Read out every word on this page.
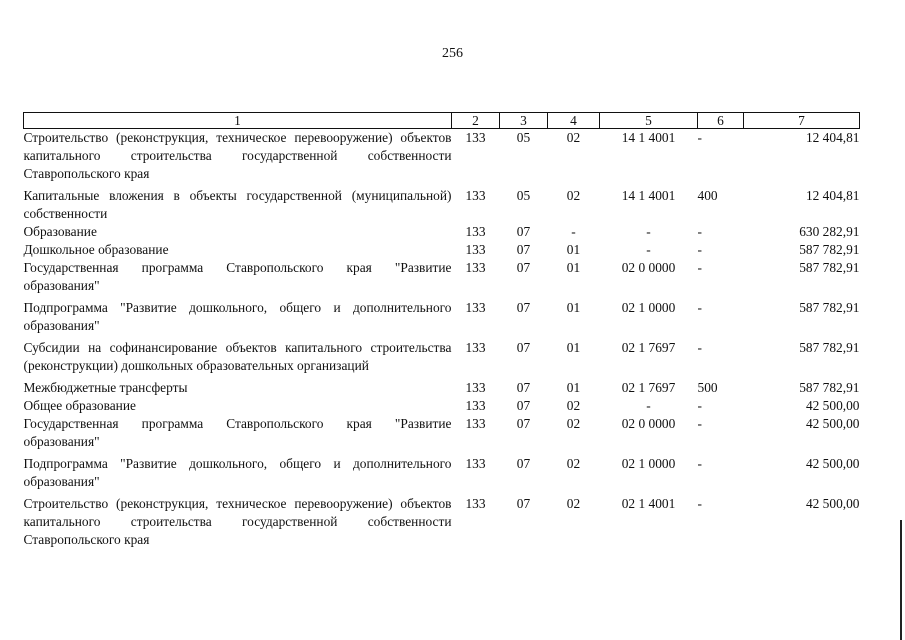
256
1	2	3	4	5	6	7
Строительство (реконструкция, техническое перевооружение) объектов капитального строительства государственной собственности Ставропольского края	133	05	02	14 1 4001	-	12 404,81
Капитальные вложения в объекты государственной (муниципальной) собственности	133	05	02	14 1 4001	400	12 404,81
Образование	133	07	-	-	-	630 282,91
Дошкольное образование	133	07	01	-	-	587 782,91
Государственная программа Ставропольского края "Развитие образования"	133	07	01	02 0 0000	-	587 782,91
Подпрограмма "Развитие дошкольного, общего и дополнительного образования"	133	07	01	02 1 0000	-	587 782,91
Субсидии на софинансирование объектов капитального строительства (реконструкции) дошкольных образовательных организаций	133	07	01	02 1 7697	-	587 782,91
Межбюджетные трансферты	133	07	01	02 1 7697	500	587 782,91
Общее образование	133	07	02	-	-	42 500,00
Государственная программа Ставропольского края "Развитие образования"	133	07	02	02 0 0000	-	42 500,00
Подпрограмма "Развитие дошкольного, общего и дополнительного образования"	133	07	02	02 1 0000	-	42 500,00
Строительство (реконструкция, техническое перевооружение) объектов капитального строительства государственной собственности Ставропольского края	133	07	02	02 1 4001	-	42 500,00
